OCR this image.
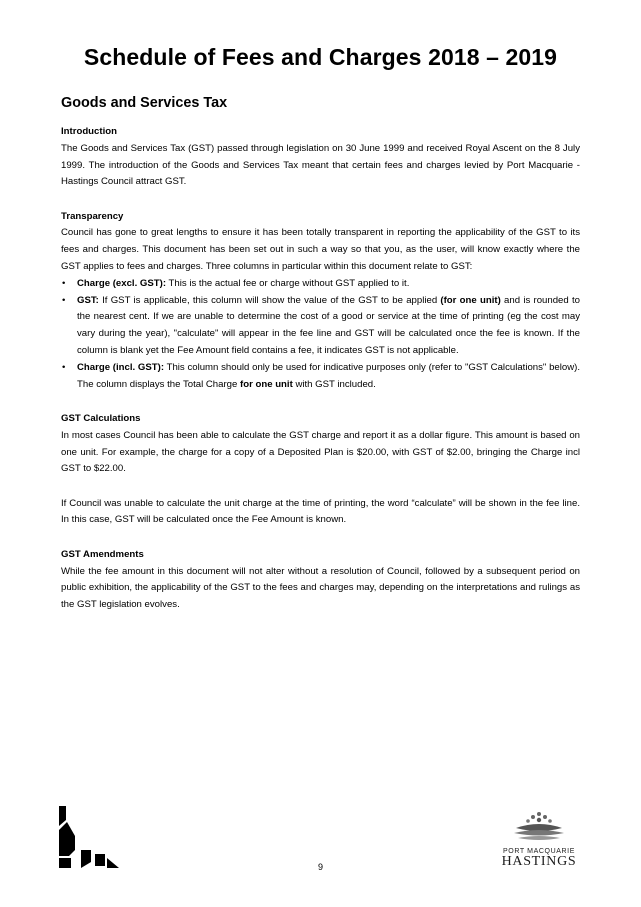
Schedule of Fees and Charges 2018 – 2019
Goods and Services Tax
Introduction

The Goods and Services Tax (GST) passed through legislation on 30 June 1999 and received Royal Ascent on the 8 July 1999. The introduction of the Goods and Services Tax meant that certain fees and charges levied by Port Macquarie - Hastings Council attract GST.

Transparency

Council has gone to great lengths to ensure it has been totally transparent in reporting the applicability of the GST to its fees and charges. This document has been set out in such a way so that you, as the user, will know exactly where the GST applies to fees and charges. Three columns in particular within this document relate to GST:

• Charge (excl. GST): This is the actual fee or charge without GST applied to it.
• GST: If GST is applicable, this column will show the value of the GST to be applied (for one unit) and is rounded to the nearest cent. If we are unable to determine the cost of a good or service at the time of printing (eg the cost may vary during the year), "calculate" will appear in the fee line and GST will be calculated once the fee is known. If the column is blank yet the Fee Amount field contains a fee, it indicates GST is not applicable.
• Charge (incl. GST): This column should only be used for indicative purposes only (refer to "GST Calculations" below). The column displays the Total Charge for one unit with GST included.
GST Calculations

In most cases Council has been able to calculate the GST charge and report it as a dollar figure. This amount is based on one unit. For example, the charge for a copy of a Deposited Plan is $20.00, with GST of $2.00, bringing the Charge incl GST to $22.00.

If Council was unable to calculate the unit charge at the time of printing, the word “calculate” will be shown in the fee line. In this case, GST will be calculated once the Fee Amount is known.

GST Amendments

While the fee amount in this document will not alter without a resolution of Council, followed by a subsequent period on public exhibition, the applicability of the GST to the fees and charges may, depending on the interpretations and rulings as the GST legislation evolves.

PORT MACQUARIE
HASTINGS
9
